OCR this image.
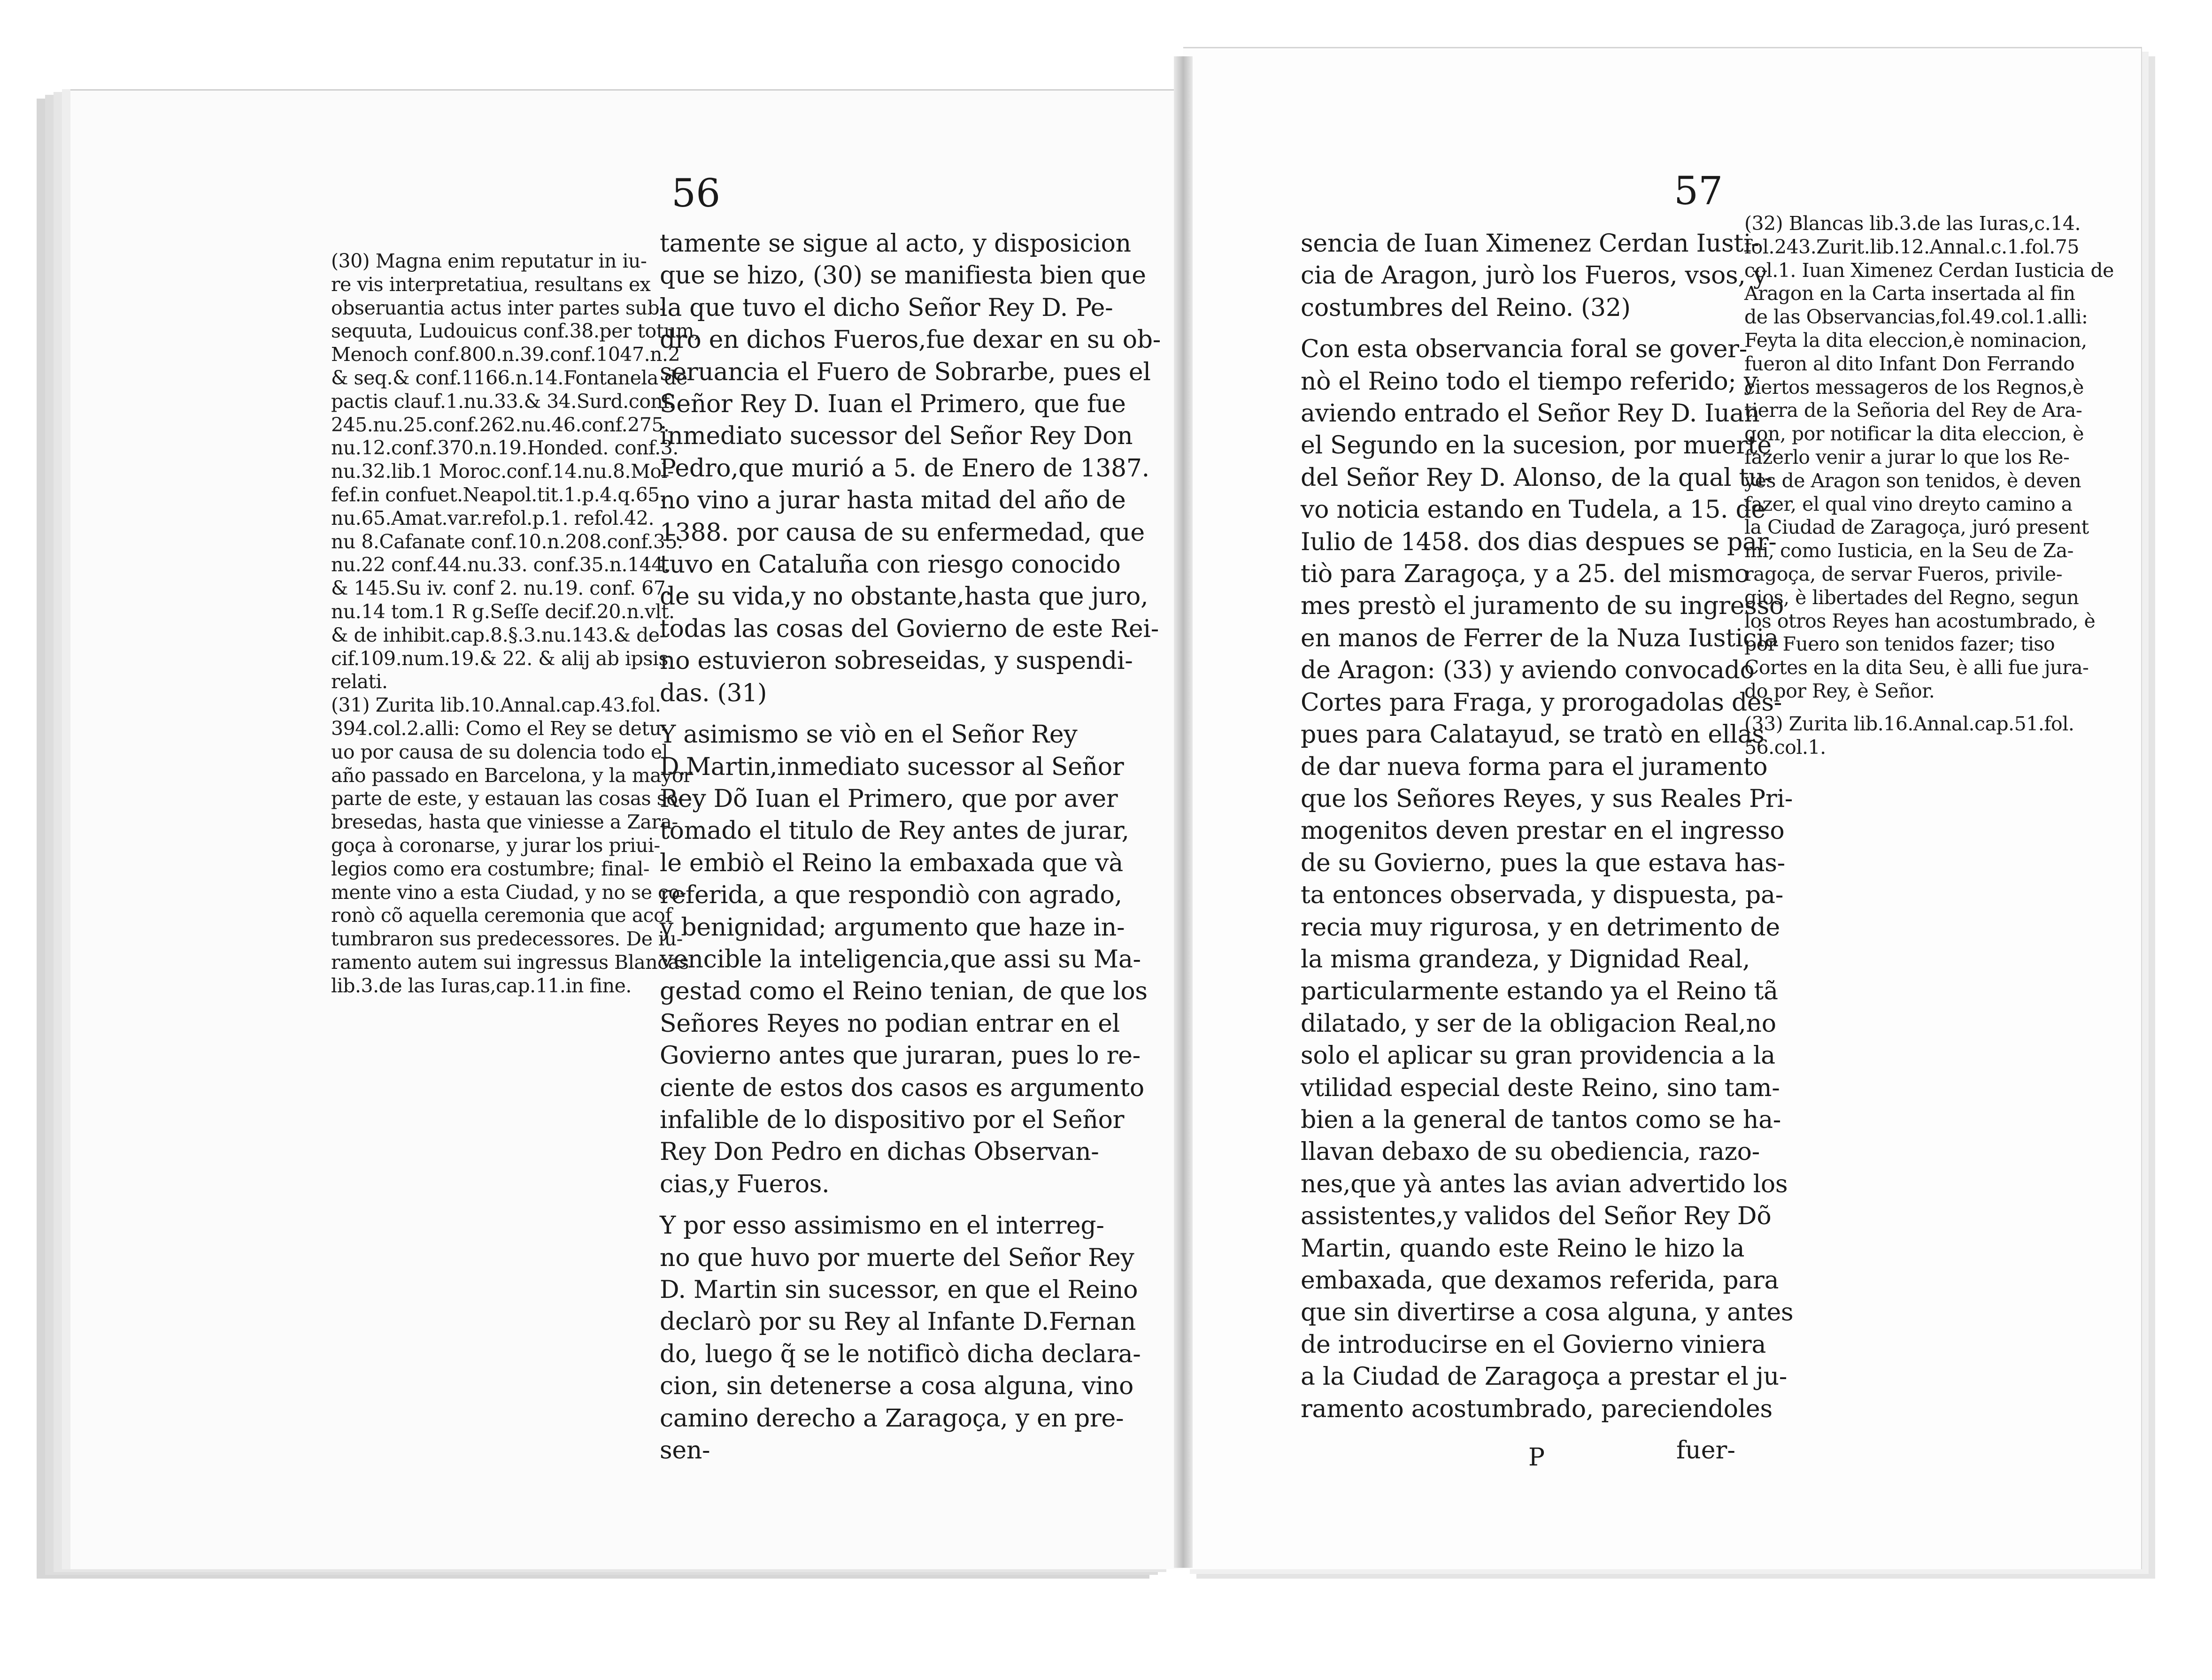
56
(30) Magna enim reputatur in iu-
re vis interpretatiua, resultans ex
obseruantia actus inter partes sub-
sequuta, Ludouicus conf.38.per totum,
Menoch conf.800.n.39.conf.1047.n.2
& seq.& conf.1166.n.14.Fontanela de
pactis clauf.1.nu.33.& 34.Surd.conf.
245.nu.25.conf.262.nu.46.conf.275.
nu.12.conf.370.n.19.Honded. conf.3.
nu.32.lib.1 Moroc.conf.14.nu.8.Mol-
fef.in confuet.Neapol.tit.1.p.4.q.65.
nu.65.Amat.var.refol.p.1. refol.42.
nu 8.Cafanate conf.10.n.208.conf.35.
nu.22 conf.44.nu.33. conf.35.n.144.
& 145.Su iv. conf 2. nu.19. conf. 67.
nu.14 tom.1 R g.Seſſe decif.20.n.vlt.
& de inhibit.cap.8.§.3.nu.143.& de-
cif.109.num.19.& 22. & alij ab ipsis
relati.
(31) Zurita lib.10.Annal.cap.43.fol.
394.col.2.alli: Como el Rey se detu-
uo por causa de su dolencia todo el
año passado en Barcelona, y la mayor
parte de este, y estauan las cosas so-
bresedas, hasta que viniesse a Zara-
goça à coronarse, y jurar los priui-
legios como era costumbre; final-
mente vino a esta Ciudad, y no se co-
ronò cõ aquella ceremonia que acof
tumbraron sus predecessores. De iu-
ramento autem sui ingressus Blancas
lib.3.de las Iuras,cap.11.in fine.
tamente se sigue al acto, y disposicion
que se hizo, (30) se manifiesta bien que
la que tuvo el dicho Señor Rey D. Pe-
dro en dichos Fueros,fue dexar en su ob-
seruancia el Fuero de Sobrarbe, pues el
Señor Rey D. Iuan el Primero, que fue
inmediato sucessor del Señor Rey Don
Pedro,que murió a 5. de Enero de 1387.
no vino a jurar hasta mitad del año de
1388. por causa de su enfermedad, que
tuvo en Cataluña con riesgo conocido
de su vida,y no obstante,hasta que juro,
todas las cosas del Govierno de este Rei-
no estuvieron sobreseidas, y suspendi-
das. (31)
Y asimismo se viò en el Señor Rey
D.Martin,inmediato sucessor al Señor
Rey Dõ Iuan el Primero, que por aver
tomado el titulo de Rey antes de jurar,
le embiò el Reino la embaxada que và
referida, a que respondiò con agrado,
y benignidad; argumento que haze in-
vencible la inteligencia,que assi su Ma-
gestad como el Reino tenian, de que los
Señores Reyes no podian entrar en el
Govierno antes que juraran, pues lo re-
ciente de estos dos casos es argumento
infalible de lo dispositivo por el Señor
Rey Don Pedro en dichas Observan-
cias,y Fueros.
Y por esso assimismo en el interreg-
no que huvo por muerte del Señor Rey
D. Martin sin sucessor, en que el Reino
declarò por su Rey al Infante D.Fernan
do, luego q̃ se le notificò dicha declara-
cion, sin detenerse a cosa alguna, vino
camino derecho a Zaragoça, y en pre-
sen-
57
sencia de Iuan Ximenez Cerdan Iusti-
cia de Aragon, jurò los Fueros, vsos, y
costumbres del Reino. (32)
Con esta observancia foral se gover-
nò el Reino todo el tiempo referido; y
aviendo entrado el Señor Rey D. Iuan
el Segundo en la sucesion, por muerte
del Señor Rey D. Alonso, de la qual tu-
vo noticia estando en Tudela, a 15. de
Iulio de 1458. dos dias despues se par-
tiò para Zaragoça, y a 25. del mismo
mes prestò el juramento de su ingresso
en manos de Ferrer de la Nuza Iusticia
de Aragon: (33) y aviendo convocado
Cortes para Fraga, y prorogadolas des-
pues para Calatayud, se tratò en ellas
de dar nueva forma para el juramento
que los Señores Reyes, y sus Reales Pri-
mogenitos deven prestar en el ingresso
de su Govierno, pues la que estava has-
ta entonces observada, y dispuesta, pa-
recia muy rigurosa, y en detrimento de
la misma grandeza, y Dignidad Real,
particularmente estando ya el Reino tã
dilatado, y ser de la obligacion Real,no
solo el aplicar su gran providencia a la
vtilidad especial deste Reino, sino tam-
bien a la general de tantos como se ha-
llavan debaxo de su obediencia, razo-
nes,que yà antes las avian advertido los
assistentes,y validos del Señor Rey Dõ
Martin, quando este Reino le hizo la
embaxada, que dexamos referida, para
que sin divertirse a cosa alguna, y antes
de introducirse en el Govierno viniera
a la Ciudad de Zaragoça a prestar el ju-
ramento acostumbrado, pareciendoles
(32) Blancas lib.3.de las Iuras,c.14.
fol.243.Zurit.lib.12.Annal.c.1.fol.75
col.1. Iuan Ximenez Cerdan Iusticia de
Aragon en la Carta insertada al fin
de las Observancias,fol.49.col.1.alli:
Feyta la dita eleccion,è nominacion,
fueron al dito Infant Don Ferrando
ciertos messageros de los Regnos,è
tierra de la Señoria del Rey de Ara-
gon, por notificar la dita eleccion, è
fazerlo venir a jurar lo que los Re-
yes de Aragon son tenidos, è deven
fazer, el qual vino dreyto camino a
la Ciudad de Zaragoça, juró present
mi, como Iusticia, en la Seu de Za-
ragoça, de servar Fueros, privile-
gios, è libertades del Regno, segun
los otros Reyes han acostumbrado, è
por Fuero son tenidos fazer; tiso
Cortes en la dita Seu, è alli fue jura-
do por Rey, è Señor.
(33) Zurita lib.16.Annal.cap.51.fol.
56.col.1.
P	fuer-
